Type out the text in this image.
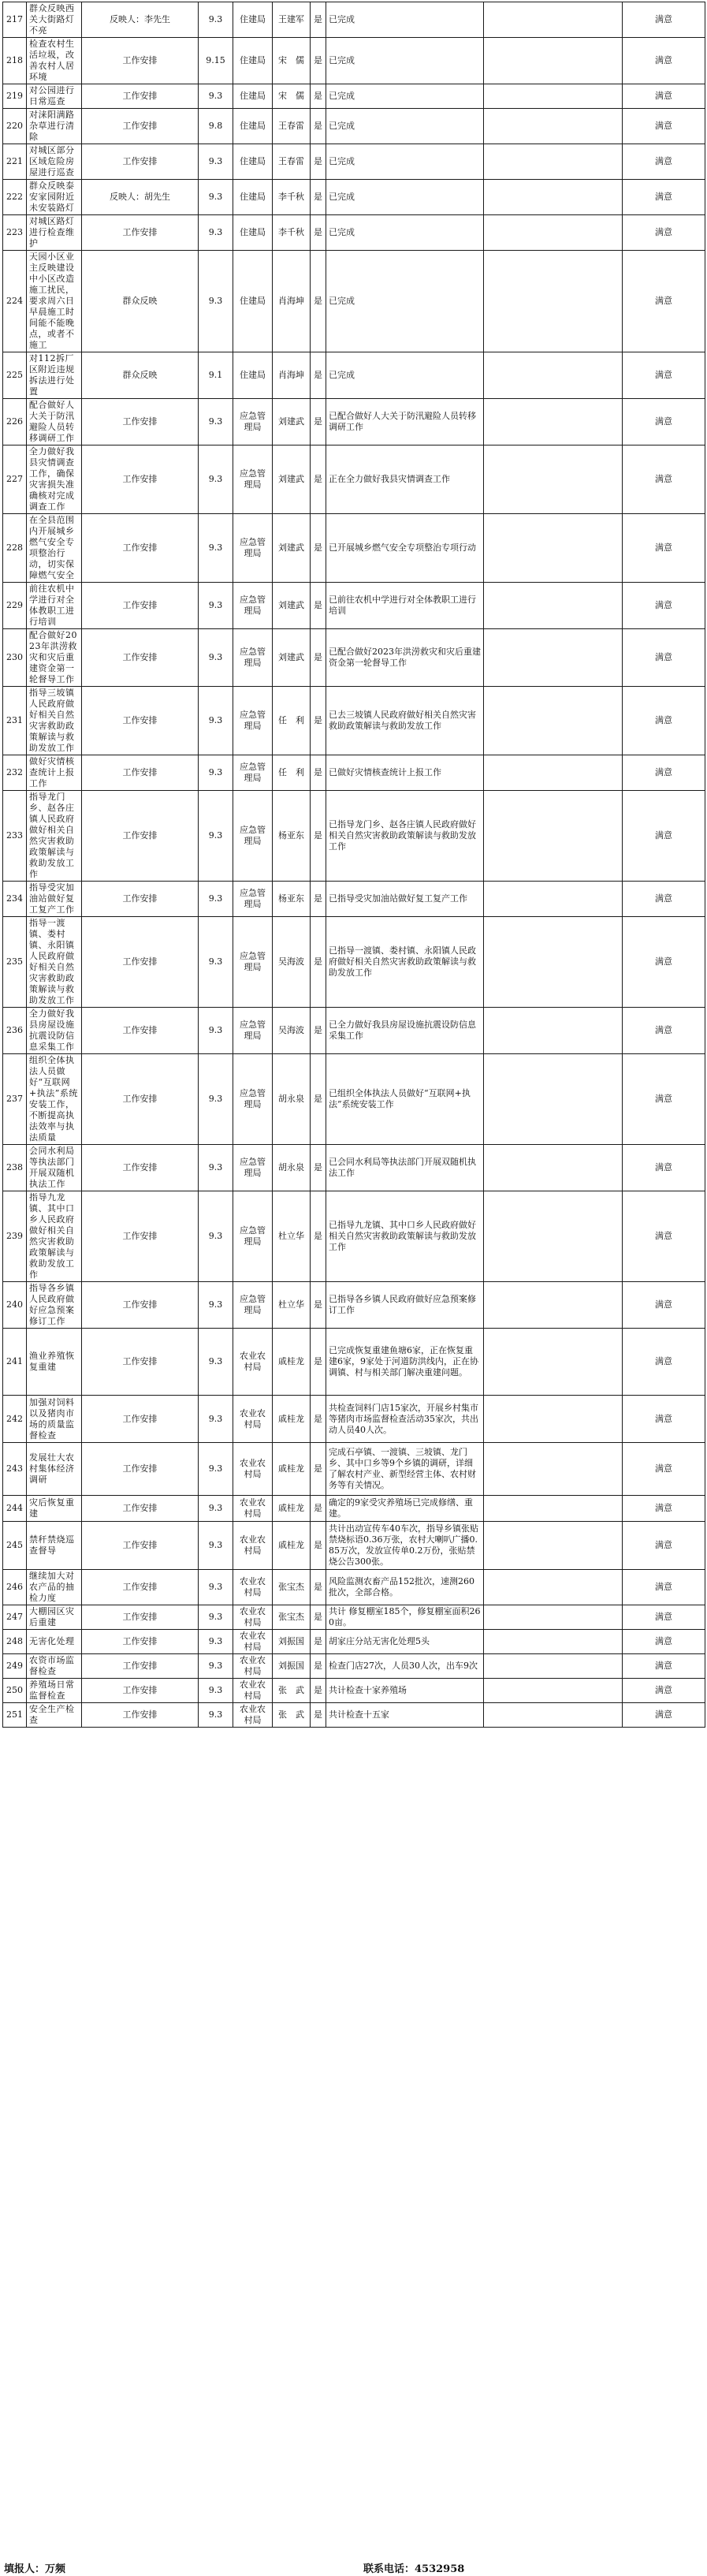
217	群众反映西关大街路灯不亮	反映人：李先生	9.3	住建局	王建军	是	已完成		满意
218	检查农村生活垃圾，改善农村人居环境	工作安排	9.15	住建局	宋　儒	是	已完成		满意
219	对公园进行日常巡查	工作安排	9.3	住建局	宋　儒	是	已完成		满意
220	对涞阳满路杂草进行清除	工作安排	9.8	住建局	王春雷	是	已完成		满意
221	对城区部分区域危险房屋进行巡查	工作安排	9.3	住建局	王春雷	是	已完成		满意
222	群众反映泰安家园附近未安装路灯	反映人：胡先生	9.3	住建局	李千秋	是	已完成		满意
223	对城区路灯进行检查维护	工作安排	9.3	住建局	李千秋	是	已完成		满意
224	天园小区业主反映建设中小区改造施工扰民，要求周六日早晨施工时间能不能晚点，或者不施工	群众反映	9.3	住建局	肖海坤	是	已完成		满意
225	对112拆厂区附近违规拆法进行处置	群众反映	9.1	住建局	肖海坤	是	已完成		满意
226	配合做好人大关于防汛避险人员转移调研工作	工作安排	9.3	应急管理局	刘建武	是	已配合做好人大关于防汛避险人员转移调研工作		满意
227	全力做好我县灾情调查工作，确保灾害损失准确核对完成调查工作	工作安排	9.3	应急管理局	刘建武	是	正在全力做好我县灾情调查工作		满意
228	在全县范围内开展城乡燃气安全专项整治行动，切实保障燃气安全	工作安排	9.3	应急管理局	刘建武	是	已开展城乡燃气安全专项整治专项行动		满意
229	前往农机中学进行对全体教职工进行培训	工作安排	9.3	应急管理局	刘建武	是	已前往农机中学进行对全体教职工进行培训		满意
230	配合做好2023年洪涝救灾和灾后重建资金第一轮督导工作	工作安排	9.3	应急管理局	刘建武	是	已配合做好2023年洪涝救灾和灾后重建资金第一轮督导工作		满意
231	指导三坡镇人民政府做好相关自然灾害救助政策解读与救助发放工作	工作安排	9.3	应急管理局	任　利	是	已去三坡镇人民政府做好相关自然灾害救助政策解读与救助发放工作		满意
232	做好灾情核查统计上报工作	工作安排	9.3	应急管理局	任　利	是	已做好灾情核查统计上报工作		满意
233	指导龙门乡、赵各庄镇人民政府做好相关自然灾害救助政策解读与救助发放工作	工作安排	9.3	应急管理局	杨亚东	是	已指导龙门乡、赵各庄镇人民政府做好相关自然灾害救助政策解读与救助发放工作		满意
234	指导受灾加油站做好复工复产工作	工作安排	9.3	应急管理局	杨亚东	是	已指导受灾加油站做好复工复产工作		满意
235	指导一渡镇、娄村镇、永阳镇人民政府做好相关自然灾害救助政策解读与救助发放工作	工作安排	9.3	应急管理局	吴海波	是	已指导一渡镇、娄村镇、永阳镇人民政府做好相关自然灾害救助政策解读与救助发放工作		满意
236	全力做好我县房屋设施抗震设防信息采集工作	工作安排	9.3	应急管理局	吴海波	是	已全力做好我县房屋设施抗震设防信息采集工作		满意
237	组织全体执法人员做好“互联网+执法”系统安装工作，不断提高执法效率与执法质量	工作安排	9.3	应急管理局	胡永泉	是	已组织全体执法人员做好“互联网+执法”系统安装工作		满意
238	会同水利局等执法部门开展双随机执法工作	工作安排	9.3	应急管理局	胡永泉	是	已会同水利局等执法部门开展双随机执法工作		满意
239	指导九龙镇、其中口乡人民政府做好相关自然灾害救助政策解读与救助发放工作	工作安排	9.3	应急管理局	杜立华	是	已指导九龙镇、其中口乡人民政府做好相关自然灾害救助政策解读与救助发放工作		满意
240	指导各乡镇人民政府做好应急预案修订工作	工作安排	9.3	应急管理局	杜立华	是	已指导各乡镇人民政府做好应急预案修订工作		满意
241	渔业养殖恢复重建	工作安排	9.3	农业农村局	戚桂龙	是	已完成恢复重建鱼塘6家，正在恢复重建6家，9家处于河道防洪线内，正在协调镇、村与相关部门解决重建问题。		满意
242	加强对饲料以及猪肉市场的质量监督检查	工作安排	9.3	农业农村局	戚桂龙	是	共检查饲料门店15家次，开展乡村集市等猪肉市场监督检查活动35家次，共出动人员40人次。		满意
243	发展壮大农村集体经济调研	工作安排	9.3	农业农村局	戚桂龙	是	完成石亭镇、一渡镇、三坡镇、龙门乡、其中口乡等9个乡镇的调研，详细了解农村产业、新型经营主体、农村财务等有关情况。		满意
244	灾后恢复重建	工作安排	9.3	农业农村局	戚桂龙	是	确定的9家受灾养殖场已完成修缮、重建。		满意
245	禁秆禁烧巡查督导	工作安排	9.3	农业农村局	戚桂龙	是	共计出动宣传车40车次，指导乡镇张贴禁烧标语0.36万张，农村大喇叭广播0.85万次，发放宣传单0.2万份，张贴禁烧公告300张。		满意
246	继续加大对农产品的抽检力度	工作安排	9.3	农业农村局	张宝杰	是	风险监测农畜产品152批次，速测260批次，全部合格。		满意
247	大棚园区灾后重建	工作安排	9.3	农业农村局	张宝杰	是	共计 修复棚室185个，修复棚室面积260亩。		满意
248	无害化处理	工作安排	9.3	农业农村局	刘振国	是	胡家庄分站无害化处理5头		满意
249	农资市场监督检查	工作安排	9.3	农业农村局	刘振国	是	检查门店27次，人员30人次，出车9次		满意
250	养殖场日常监督检查	工作安排	9.3	农业农村局	张　武	是	共计检查十家养殖场		满意
251	安全生产检查	工作安排	9.3	农业农村局	张　武	是	共计检查十五家		满意
填报人：万频	联系电话：4532958
